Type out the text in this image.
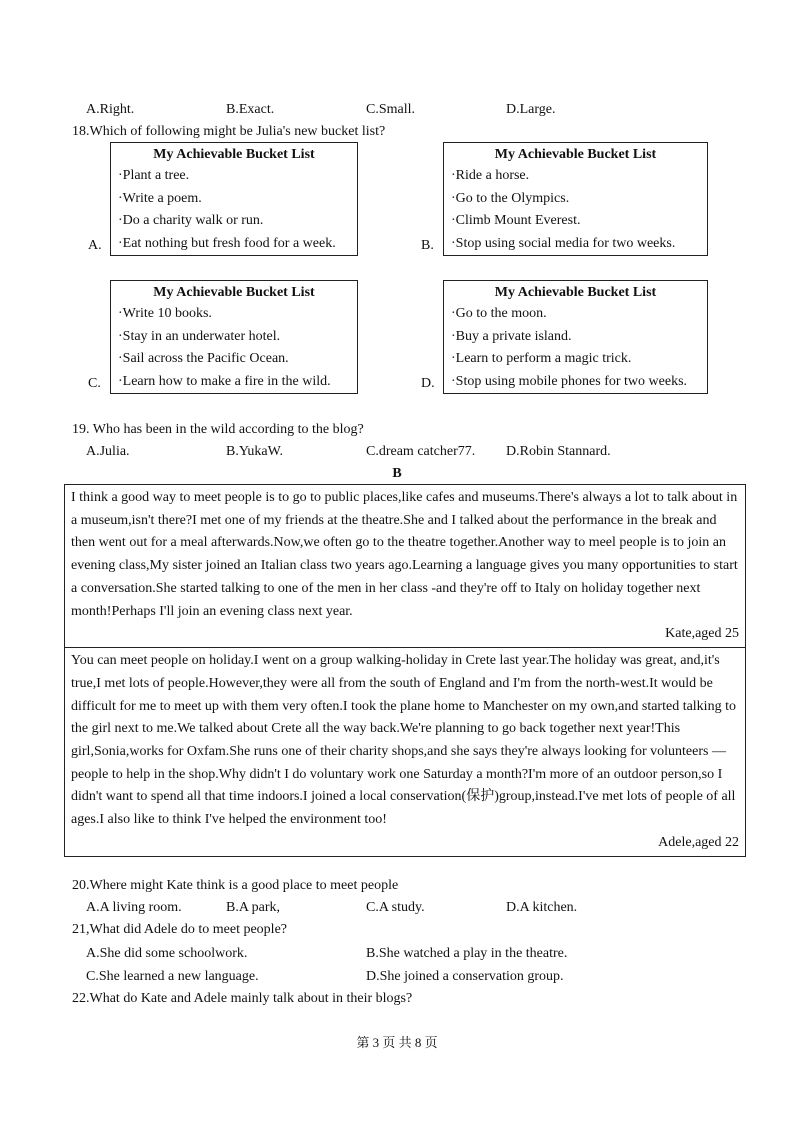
A.Right.	B.Exact.	C.Small.	D.Large.
18.Which of following might be Julia's new bucket list?
My Achievable Bucket List
·Plant a tree.
·Write a poem.
·Do a charity walk or run.
·Eat nothing but fresh food for a week.
A.
My Achievable Bucket List
·Ride a horse.
·Go to the Olympics.
·Climb Mount Everest.
·Stop using social media for two weeks.
B.
My Achievable Bucket List
·Write 10 books.
·Stay in an underwater hotel.
·Sail across the Pacific Ocean.
·Learn how to make a fire in the wild.
C.
My Achievable Bucket List
·Go to the moon.
·Buy a private island.
·Learn to perform a magic trick.
·Stop using mobile phones for two weeks.
D.
19. Who has been in the wild according to the blog?
A.Julia.	B.YukaW.	C.dream catcher77. D.Robin Stannard.
B

I think a good way to meet people is to go to public places,like cafes and museums.There's always a lot to talk about in a museum,isn't there?I met one of my friends at the theatre.She and I talked about the performance in the break and then went out for a meal afterwards.Now,we often go to the theatre together.Another way to meel people is to join an evening class,My sister joined an Italian class two years ago.Learning a language gives you many opportunities to start a conversation.She started talking to one of the men in her class -and they're off to Italy on holiday together next month!Perhaps I'll join an evening class next year.

Kate,aged 25

You can meet people on holiday.I went on a group walking-holiday in Crete last year.The holiday was great, and,it's true,I met lots of people.However,they were all from the south of England and I'm from the north-west.It would be difficult for me to meet up with them very often.I took the plane home to Manchester on my own,and started talking to the girl next to me.We talked about Crete all the way back.We're planning to go back together next year!This girl,Sonia,works for Oxfam.She runs one of their charity shops,and she says they're always looking for volunteers —people to help in the shop.Why didn't I do voluntary work one Saturday a month?I'm more of an outdoor person,so I didn't want to spend all that time indoors.I joined a local conservation(保护)group,instead.I've met lots of people of all ages.I also like to think I've helped the environment too!

Adele,aged 22
20.Where might Kate think is a good place to meet people
A.A living room.	B.A park,	C.A study.	D.A kitchen.
21,What did Adele do to meet people?
A.She did some schoolwork.	B.She watched a play in the theatre.
C.She learned a new language.	D.She joined a conservation group.
22.What do Kate and Adele mainly talk about in their blogs?
第 3 页 共 8 页
